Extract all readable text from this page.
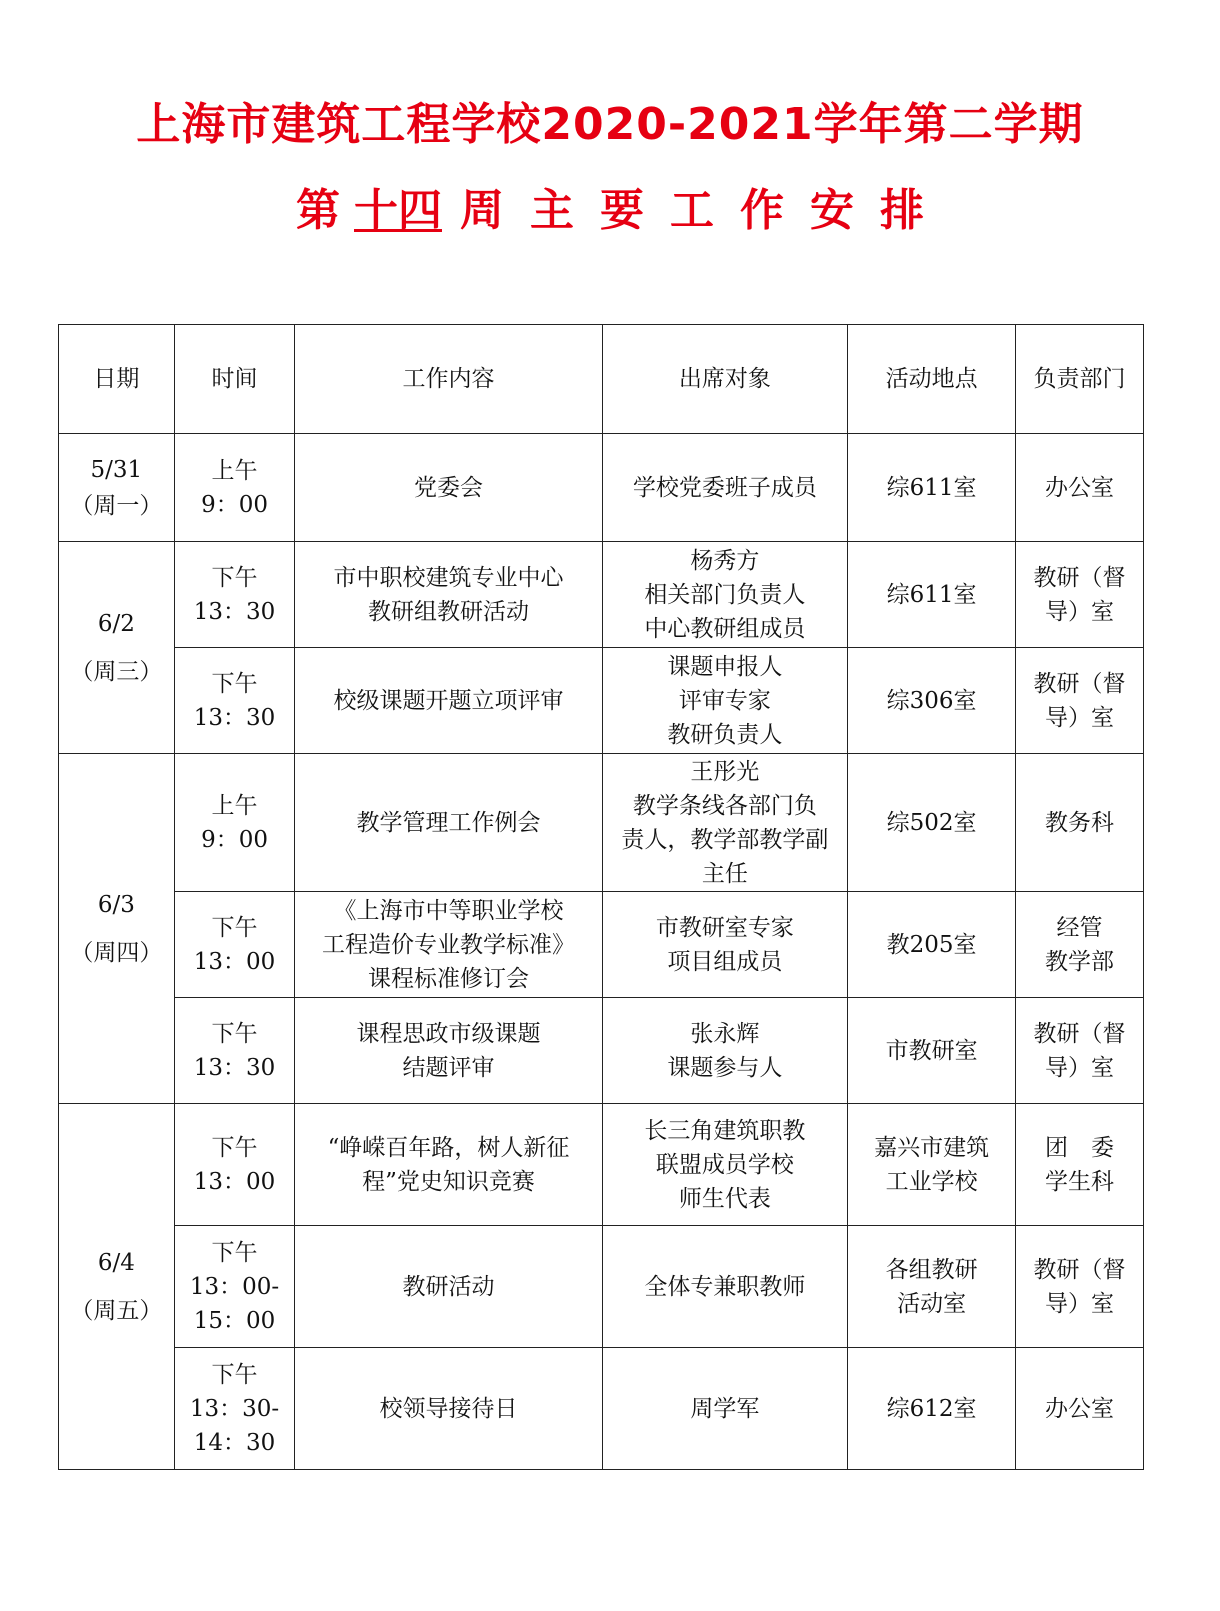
上海市建筑工程学校2020-2021学年第二学期
第 十四 周 主 要 工 作 安 排
日期	时间	工作内容	出席对象	活动地点	负责部门

5/31
（周一）	上午
9：00	党委会	学校党委班子成员	综611室	办公室

6/2
（周三）	下午
13：30	市中职校建筑专业中心
教研组教研活动	杨秀方
相关部门负责人
中心教研组成员	综611室	教研（督
导）室

	下午
13：30	校级课题开题立项评审	课题申报人
评审专家
教研负责人	综306室	教研（督
导）室

6/3
（周四）	上午
9：00	教学管理工作例会	王彤光
教学条线各部门负
责人，教学部教学副
主任	综502室	教务科

	下午
13：00	《上海市中等职业学校
工程造价专业教学标准》
课程标准修订会	市教研室专家
项目组成员	教205室	经管
教学部

	下午
13：30	课程思政市级课题
结题评审	张永辉
课题参与人	市教研室	教研（督
导）室

6/4
（周五）	下午
13：00	“峥嵘百年路，树人新征
程”党史知识竞赛	长三角建筑职教
联盟成员学校
师生代表	嘉兴市建筑
工业学校	团　委
学生科

	下午
13：00-
15：00	教研活动	全体专兼职教师	各组教研
活动室	教研（督
导）室

	下午
13：30-
14：30	校领导接待日	周学军	综612室	办公室
